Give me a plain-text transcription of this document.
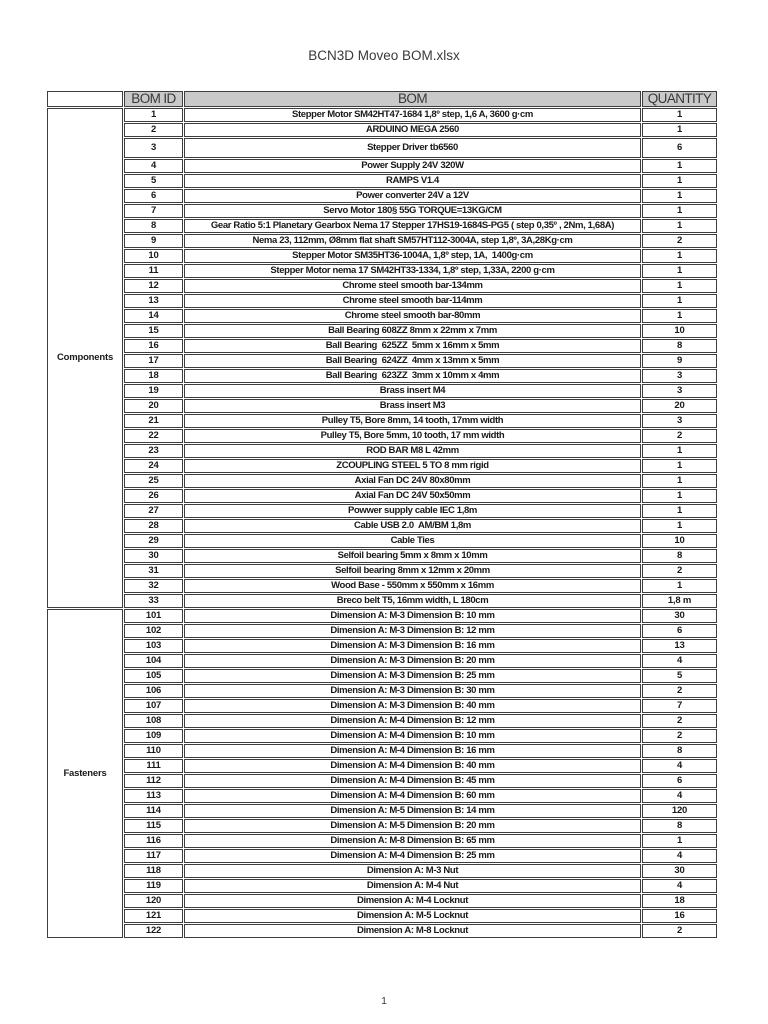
BCN3D Moveo BOM.xlsx
	BOM ID	BOM	QUANTITY
Components	1	Stepper Motor SM42HT47-1684 1,8º step, 1,6 A, 3600 g·cm	1
	2	ARDUINO MEGA 2560	1
	3	Stepper Driver tb6560	6
	4	Power Supply 24V 320W	1
	5	RAMPS V1.4	1
	6	Power converter 24V a 12V	1
	7	Servo Motor 180§ 55G TORQUE=13KG/CM	1
	8	Gear Ratio 5:1 Planetary Gearbox Nema 17 Stepper 17HS19-1684S-PG5 ( step 0,35º , 2Nm, 1,68A)	1
	9	Nema 23, 112mm, Ø8mm flat shaft SM57HT112-3004A, step 1,8º, 3A,28Kg·cm	2
	10	Stepper Motor SM35HT36-1004A, 1,8º step, 1A,  1400g·cm	1
	11	Stepper Motor nema 17 SM42HT33-1334, 1,8º step, 1,33A, 2200 g·cm	1
	12	Chrome steel smooth bar-134mm	1
	13	Chrome steel smooth bar-114mm	1
	14	Chrome steel smooth bar-80mm	1
	15	Ball Bearing 608ZZ 8mm x 22mm x 7mm	10
	16	Ball Bearing  625ZZ  5mm x 16mm x 5mm	8
	17	Ball Bearing  624ZZ  4mm x 13mm x 5mm	9
	18	Ball Bearing  623ZZ  3mm x 10mm x 4mm	3
	19	Brass insert M4	3
	20	Brass insert M3	20
	21	Pulley T5, Bore 8mm, 14 tooth, 17mm width	3
	22	Pulley T5, Bore 5mm, 10 tooth, 17 mm width	2
	23	ROD BAR M8 L 42mm	1
	24	ZCOUPLING STEEL 5 TO 8 mm rigid	1
	25	Axial Fan DC 24V 80x80mm	1
	26	Axial Fan DC 24V 50x50mm	1
	27	Powwer supply cable IEC 1,8m	1
	28	Cable USB 2.0  AM/BM 1,8m	1
	29	Cable Ties	10
	30	Selfoil bearing 5mm x 8mm x 10mm	8
	31	Selfoil bearing 8mm x 12mm x 20mm	2
	32	Wood Base - 550mm x 550mm x 16mm	1
	33	Breco belt T5, 16mm width, L 180cm	1,8 m
Fasteners	101	Dimension A: M-3 Dimension B: 10 mm	30
	102	Dimension A: M-3 Dimension B: 12 mm	6
	103	Dimension A: M-3 Dimension B: 16 mm	13
	104	Dimension A: M-3 Dimension B: 20 mm	4
	105	Dimension A: M-3 Dimension B: 25 mm	5
	106	Dimension A: M-3 Dimension B: 30 mm	2
	107	Dimension A: M-3 Dimension B: 40 mm	7
	108	Dimension A: M-4 Dimension B: 12 mm	2
	109	Dimension A: M-4 Dimension B: 10 mm	2
	110	Dimension A: M-4 Dimension B: 16 mm	8
	111	Dimension A: M-4 Dimension B: 40 mm	4
	112	Dimension A: M-4 Dimension B: 45 mm	6
	113	Dimension A: M-4 Dimension B: 60 mm	4
	114	Dimension A: M-5 Dimension B: 14 mm	120
	115	Dimension A: M-5 Dimension B: 20 mm	8
	116	Dimension A: M-8 Dimension B: 65 mm	1
	117	Dimension A: M-4 Dimension B: 25 mm	4
	118	Dimension A: M-3 Nut	30
	119	Dimension A: M-4 Nut	4
	120	Dimension A: M-4 Locknut	18
	121	Dimension A: M-5 Locknut	16
	122	Dimension A: M-8 Locknut	2
1
